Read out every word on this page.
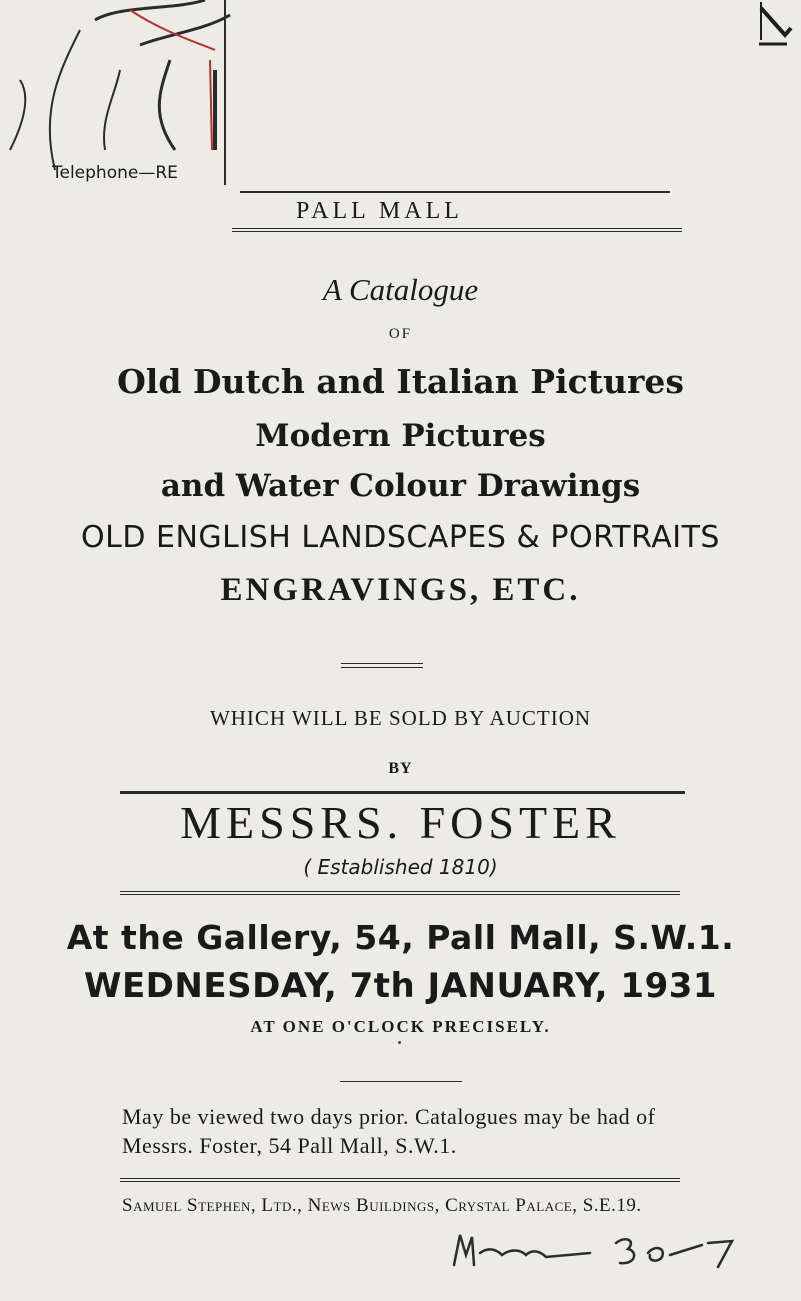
Telephone—RE
PALL MALL
A Catalogue
OF
Old Dutch and Italian Pictures
Modern Pictures
and Water Colour Drawings
OLD ENGLISH LANDSCAPES & PORTRAITS
ENGRAVINGS, ETC.
WHICH WILL BE SOLD BY AUCTION
BY
MESSRS. FOSTER
( Established 1810)
At the Gallery, 54, Pall Mall, S.W.1.
WEDNESDAY, 7th JANUARY, 1931
AT ONE O'CLOCK PRECISELY.
May be viewed two days prior. Catalogues may be had of
Messrs. Foster, 54 Pall Mall, S.W.1.
Samuel Stephen, Ltd., News Buildings, Crystal Palace, S.E.19.
